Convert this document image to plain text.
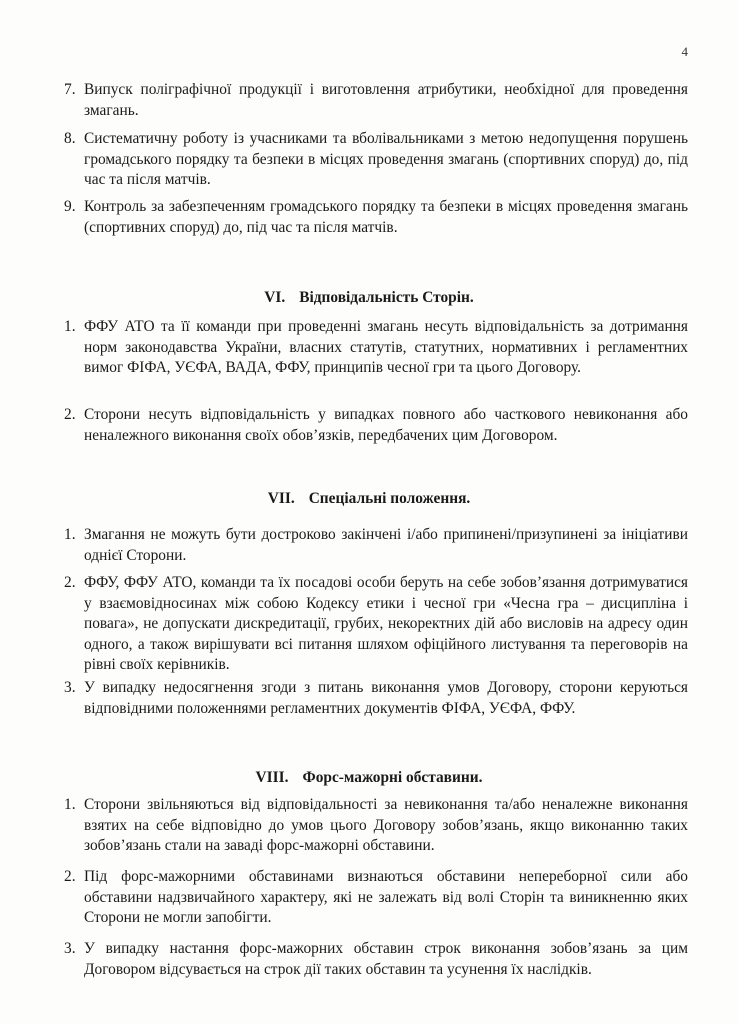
4
7. Випуск поліграфічної продукції і виготовлення атрибутики, необхідної для проведення змагань.
8. Систематичну роботу із учасниками та вболівальниками з метою недопущення порушень громадського порядку та безпеки в місцях проведення змагань (спортивних споруд) до, під час та після матчів.
9. Контроль за забезпеченням громадського порядку та безпеки в місцях проведення змагань (спортивних споруд) до, під час та після матчів.
VI. Відповідальність Сторін.
1. ФФУ АТО та її команди при проведенні змагань несуть відповідальність за дотримання норм законодавства України, власних статутів, статутних, нормативних і регламентних вимог ФІФА, УЄФА, ВАДА, ФФУ, принципів чесної гри та цього Договору.
2. Сторони несуть відповідальність у випадках повного або часткового невиконання або неналежного виконання своїх обов’язків, передбачених цим Договором.
VII. Спеціальні положення.
1. Змагання не можуть бути достроково закінчені і/або припинені/призупинені за ініціативи однієї Сторони.
2. ФФУ, ФФУ АТО, команди та їх посадові особи беруть на себе зобов’язання дотримуватися у взаємовідносинах між собою Кодексу етики і чесної гри «Чесна гра – дисципліна і повага», не допускати дискредитації, грубих, некоректних дій або висловів на адресу один одного, а також вирішувати всі питання шляхом офіційного листування та переговорів на рівні своїх керівників.
3. У випадку недосягнення згоди з питань виконання умов Договору, сторони керуються відповідними положеннями регламентних документів ФІФА, УЄФА, ФФУ.
VIII. Форс-мажорні обставини.
1. Сторони звільняються від відповідальності за невиконання та/або неналежне виконання взятих на себе відповідно до умов цього Договору зобов’язань, якщо виконанню таких зобов’язань стали на заваді форс-мажорні обставини.
2. Під форс-мажорними обставинами визнаються обставини непереборної сили або обставини надзвичайного характеру, які не залежать від волі Сторін та виникненню яких Сторони не могли запобігти.
3. У випадку настання форс-мажорних обставин строк виконання зобов’язань за цим Договором відсувається на строк дії таких обставин та усунення їх наслідків.
